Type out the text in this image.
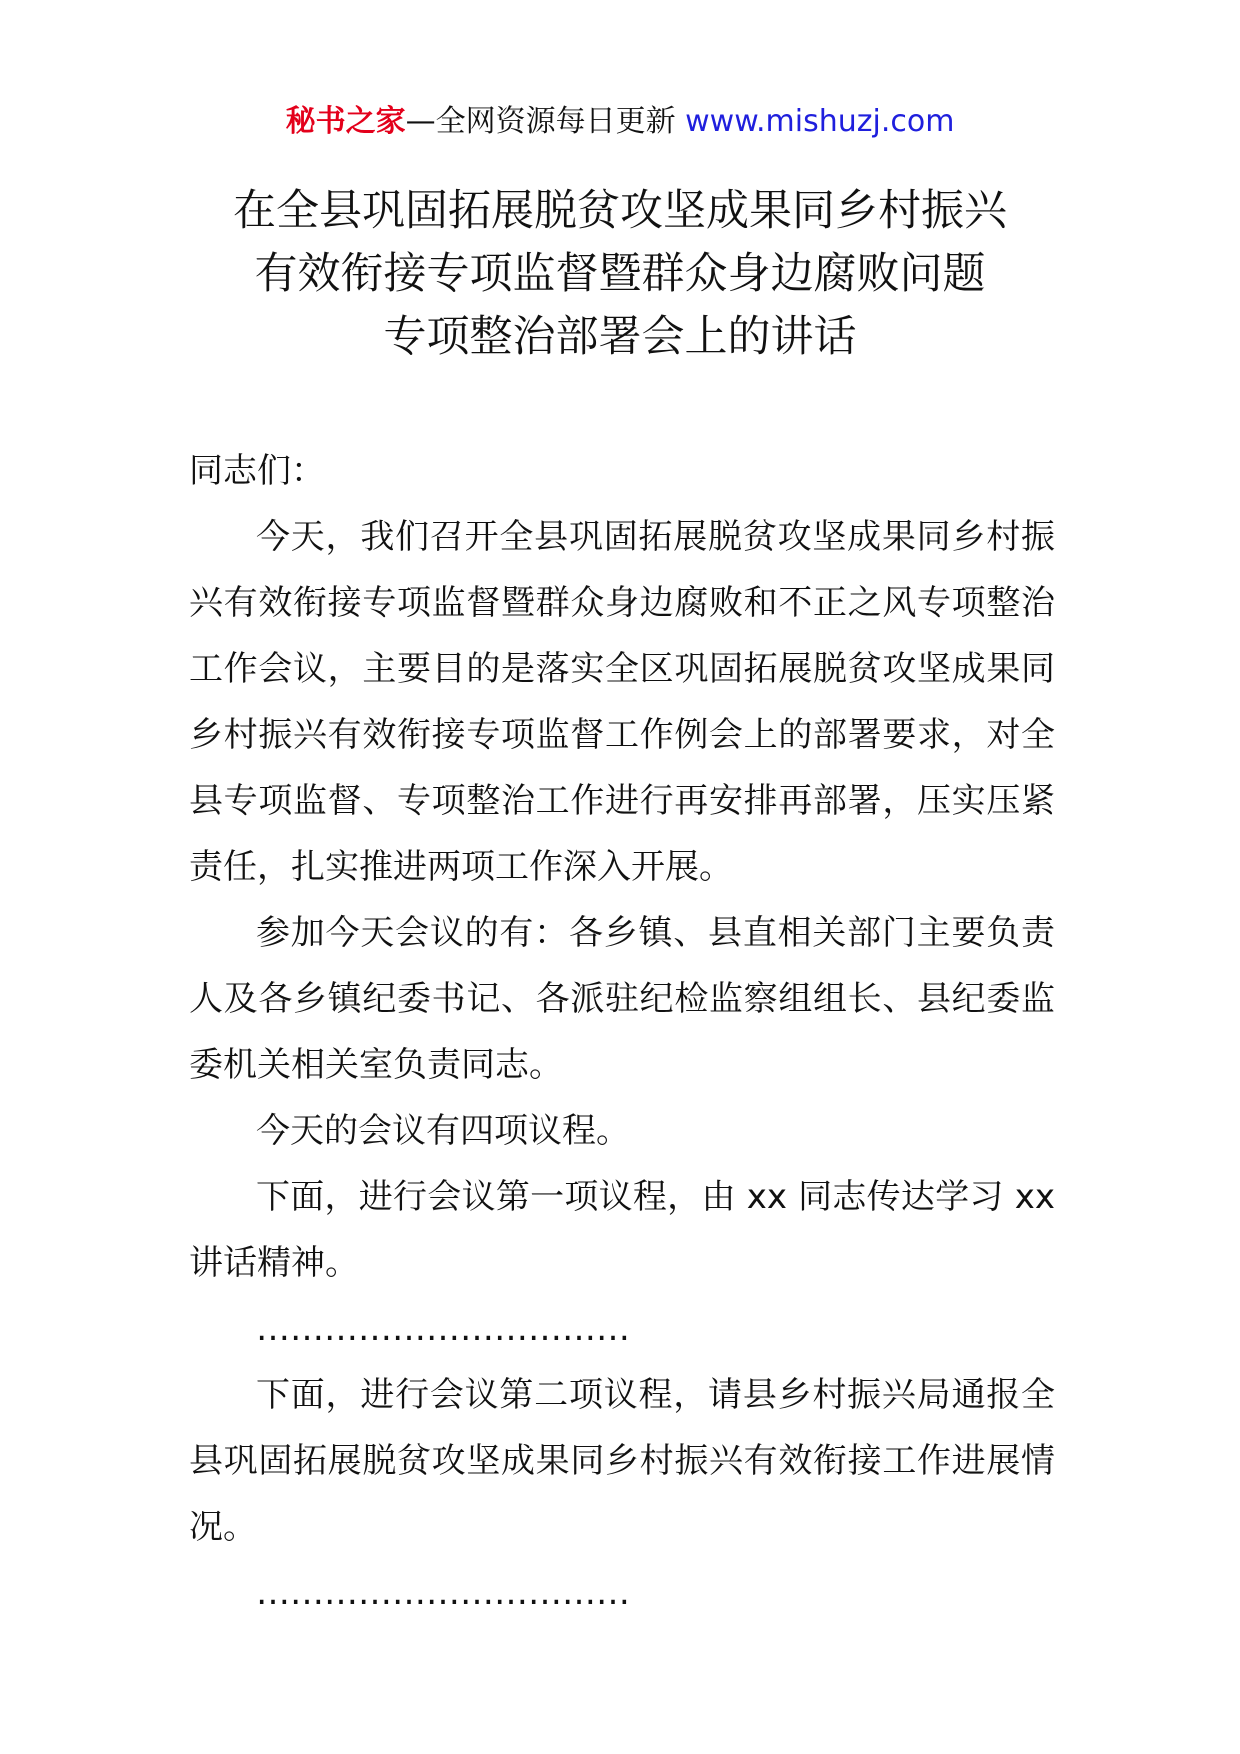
秘书之家—全网资源每日更新 www.mishuzj.com
在全县巩固拓展脱贫攻坚成果同乡村振兴
有效衔接专项监督暨群众身边腐败问题
专项整治部署会上的讲话

同志们：

今天，我们召开全县巩固拓展脱贫攻坚成果同乡村振兴有效衔接专项监督暨群众身边腐败和不正之风专项整治工作会议，主要目的是落实全区巩固拓展脱贫攻坚成果同乡村振兴有效衔接专项监督工作例会上的部署要求，对全县专项监督、专项整治工作进行再安排再部署，压实压紧责任，扎实推进两项工作深入开展。

参加今天会议的有：各乡镇、县直相关部门主要负责人及各乡镇纪委书记、各派驻纪检监察组组长、县纪委监委机关相关室负责同志。

今天的会议有四项议程。

下面，进行会议第一项议程，由 xx 同志传达学习 xx 讲话精神。

……………………………

下面，进行会议第二项议程，请县乡村振兴局通报全县巩固拓展脱贫攻坚成果同乡村振兴有效衔接工作进展情况。

……………………………
